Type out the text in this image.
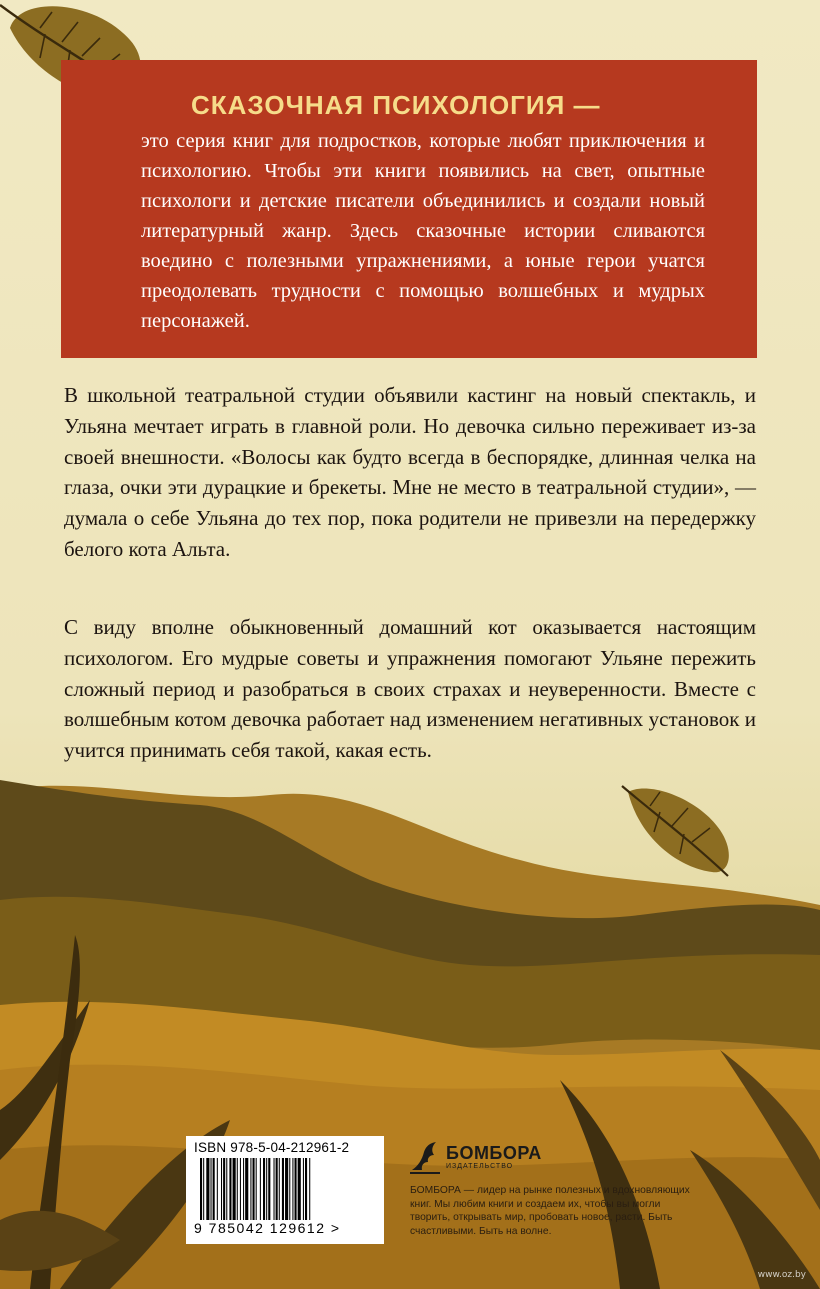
СКАЗОЧНАЯ ПСИХОЛОГИЯ —

это серия книг для подростков, которые любят приключения и психологию. Чтобы эти книги появились на свет, опытные психологи и детские писатели объединились и создали новый литературный жанр. Здесь сказочные истории сливаются воедино с полезными упражнениями, а юные герои учатся преодолевать трудности с помощью волшебных и мудрых персонажей.

В школьной театральной студии объявили кастинг на новый спектакль, и Ульяна мечтает играть в главной роли. Но девочка сильно переживает из-за своей внешности. «Волосы как будто всегда в беспорядке, длинная челка на глаза, очки эти дурацкие и брекеты. Мне не место в театральной студии», — думала о себе Ульяна до тех пор, пока родители не привезли на передержку белого кота Альта.

С виду вполне обыкновенный домашний кот оказывается настоящим психологом. Его мудрые советы и упражнения помогают Ульяне пережить сложный период и разобраться в своих страхах и неуверенности. Вместе с волшебным котом девочка работает над изменением негативных установок и учится принимать себя такой, какая есть.

ISBN 978-5-04-212961-2

9 785042 129612 >

БОМБОРА
ИЗДАТЕЛЬСТВО

БОМБОРА — лидер на рынке полезных и вдохновляющих книг. Мы любим книги и создаем их, чтобы вы могли творить, открывать мир, пробовать новое, расти. Быть счастливыми. Быть на волне.

www.oz.by
